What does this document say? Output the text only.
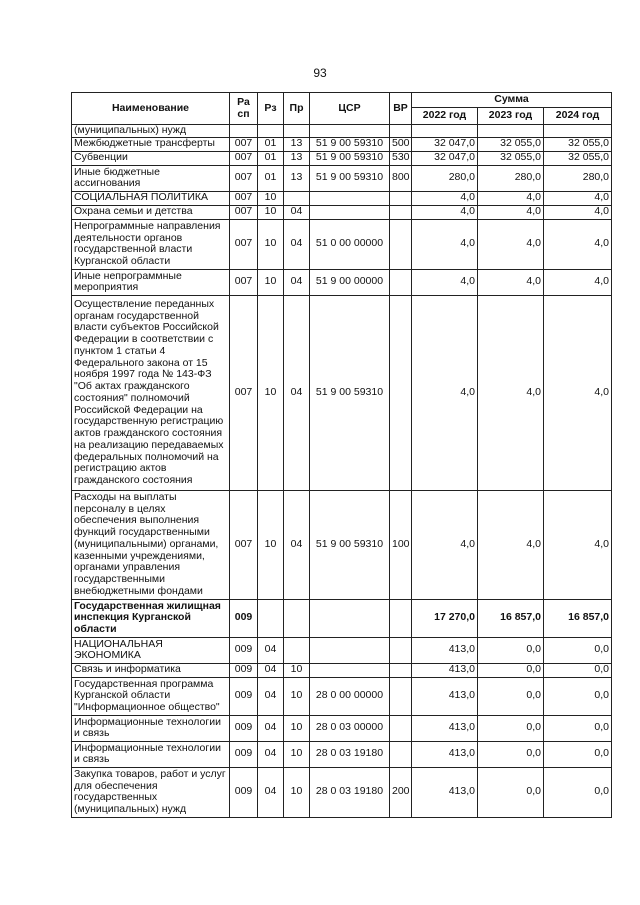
93
Наименование	Ра сп	Рз	Пр	ЦСР	ВР	Сумма		
						2022 год	2023 год	2024 год
(муниципальных) нужд								
Межбюджетные трансферты	007	01	13	51 9 00 59310	500	32 047,0	32 055,0	32 055,0
Субвенции	007	01	13	51 9 00 59310	530	32 047,0	32 055,0	32 055,0
Иные бюджетные ассигнования	007	01	13	51 9 00 59310	800	280,0	280,0	280,0
СОЦИАЛЬНАЯ ПОЛИТИКА	007	10				4,0	4,0	4,0
Охрана семьи и детства	007	10	04			4,0	4,0	4,0
Непрограммные направления деятельности органов государственной власти Курганской области	007	10	04	51 0 00 00000		4,0	4,0	4,0
Иные непрограммные мероприятия	007	10	04	51 9 00 00000		4,0	4,0	4,0
Осуществление переданных органам государственной власти субъектов Российской Федерации в соответствии с пунктом 1 статьи 4 Федерального закона от 15 ноября 1997 года № 143-ФЗ "Об актах гражданского состояния" полномочий Российской Федерации на государственную регистрацию актов гражданского состояния на реализацию передаваемых федеральных полномочий на регистрацию актов гражданского состояния	007	10	04	51 9 00 59310		4,0	4,0	4,0
Расходы на выплаты персоналу в целях обеспечения выполнения функций государственными (муниципальными) органами, казенными учреждениями, органами управления государственными внебюджетными фондами	007	10	04	51 9 00 59310	100	4,0	4,0	4,0
Государственная жилищная инспекция Курганской области	009					17 270,0	16 857,0	16 857,0
НАЦИОНАЛЬНАЯ ЭКОНОМИКА	009	04				413,0	0,0	0,0
Связь и информатика	009	04	10			413,0	0,0	0,0
Государственная программа Курганской области "Информационное общество"	009	04	10	28 0 00 00000		413,0	0,0	0,0
Информационные технологии и связь	009	04	10	28 0 03 00000		413,0	0,0	0,0
Информационные технологии и связь	009	04	10	28 0 03 19180		413,0	0,0	0,0
Закупка товаров, работ и услуг для обеспечения государственных (муниципальных) нужд	009	04	10	28 0 03 19180	200	413,0	0,0	0,0
